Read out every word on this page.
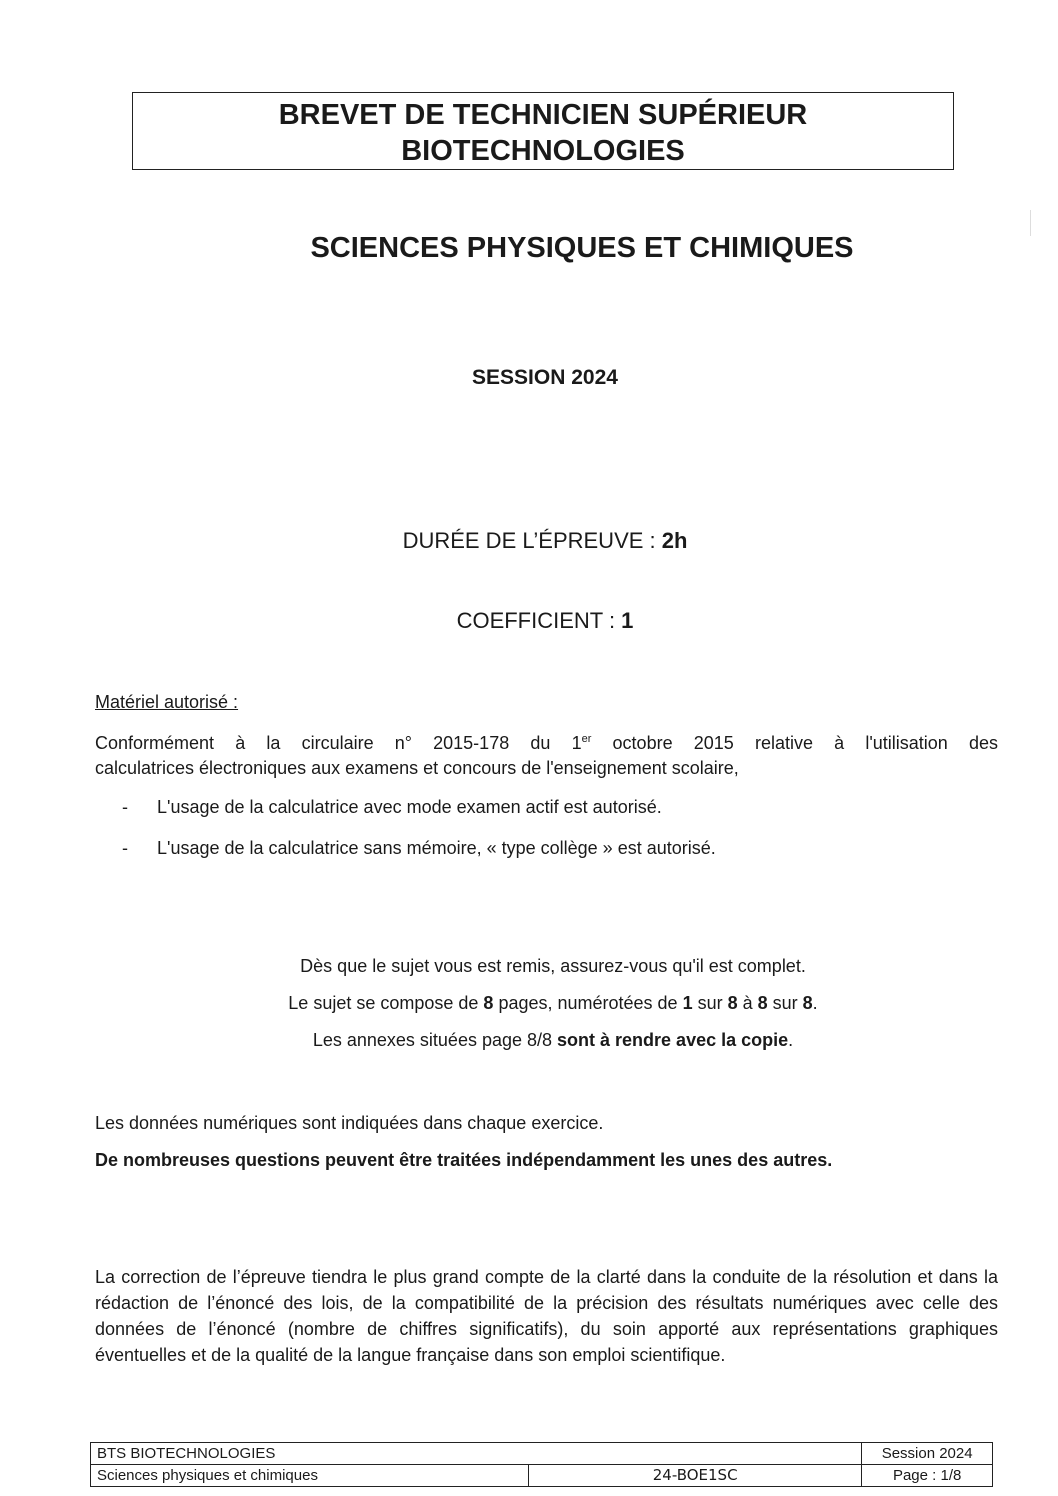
BREVET DE TECHNICIEN SUPÉRIEUR
BIOTECHNOLOGIES
SCIENCES PHYSIQUES ET CHIMIQUES
SESSION 2024
DURÉE DE L’ÉPREUVE : 2h
COEFFICIENT : 1
Matériel autorisé :
Conformément à la circulaire n° 2015-178 du 1er octobre 2015 relative à l'utilisation des
calculatrices électroniques aux examens et concours de l'enseignement scolaire,
- L'usage de la calculatrice avec mode examen actif est autorisé.
- L'usage de la calculatrice sans mémoire, « type collège » est autorisé.
Dès que le sujet vous est remis, assurez-vous qu'il est complet.
Le sujet se compose de 8 pages, numérotées de 1 sur 8 à 8 sur 8.
Les annexes situées page 8/8 sont à rendre avec la copie.
Les données numériques sont indiquées dans chaque exercice.
De nombreuses questions peuvent être traitées indépendamment les unes des autres.
La correction de l’épreuve tiendra le plus grand compte de la clarté dans la conduite de la résolution et dans la rédaction de l’énoncé des lois, de la compatibilité de la précision des résultats numériques avec celle des données de l’énoncé (nombre de chiffres significatifs), du soin apporté aux représentations graphiques éventuelles et de la qualité de la langue française dans son emploi scientifique.
BTS BIOTECHNOLOGIES		Session 2024
Sciences physiques et chimiques	24-BOE1SC	Page : 1/8
